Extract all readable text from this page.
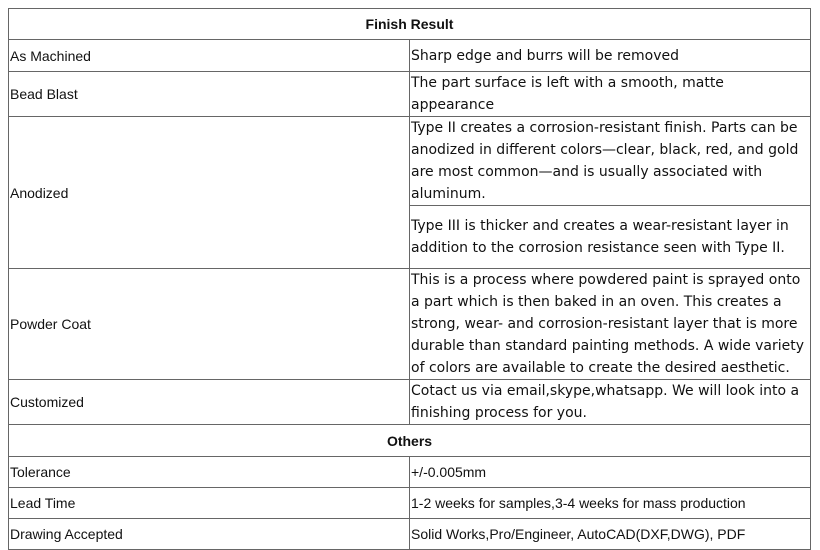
Finish Result	
As Machined	Sharp edge and burrs will be removed
Bead Blast	The part surface is left with a smooth, matte appearance
Anodized	Type II creates a corrosion-resistant finish. Parts can be anodized in different colors—clear, black, red, and gold are most common—and is usually associated with aluminum.
	Type III is thicker and creates a wear-resistant layer in addition to the corrosion resistance seen with Type II.
Powder Coat	This is a process where powdered paint is sprayed onto a part which is then baked in an oven. This creates a strong, wear- and corrosion-resistant layer that is more durable than standard painting methods. A wide variety of colors are available to create the desired aesthetic.
Customized	Cotact us via email,skype,whatsapp. We will look into a finishing process for you.
Others	
Tolerance	+/-0.005mm
Lead Time	1-2 weeks for samples,3-4 weeks for mass production
Drawing Accepted	Solid Works,Pro/Engineer, AutoCAD(DXF,DWG), PDF
